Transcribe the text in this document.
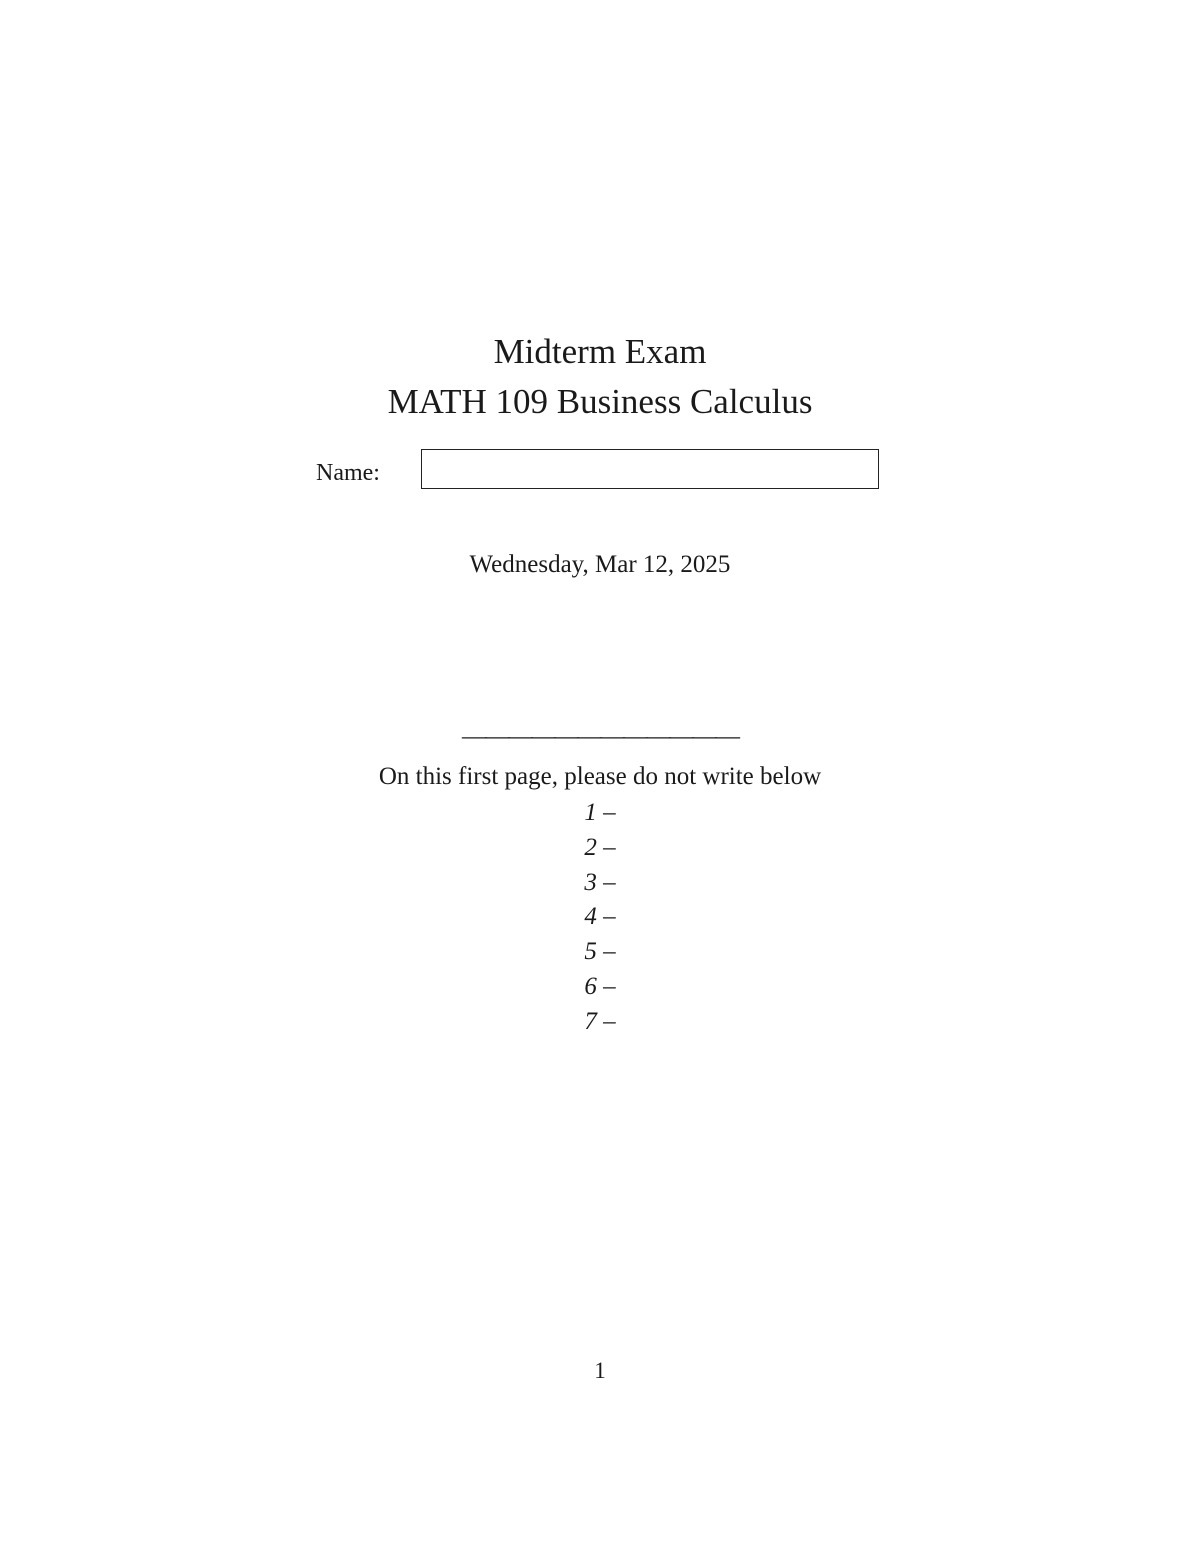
Midterm Exam
MATH 109 Business Calculus
Name:
Wednesday, Mar 12, 2025
————————————
On this first page, please do not write below
1 –
2 –
3 –
4 –
5 –
6 –
7 –
1
